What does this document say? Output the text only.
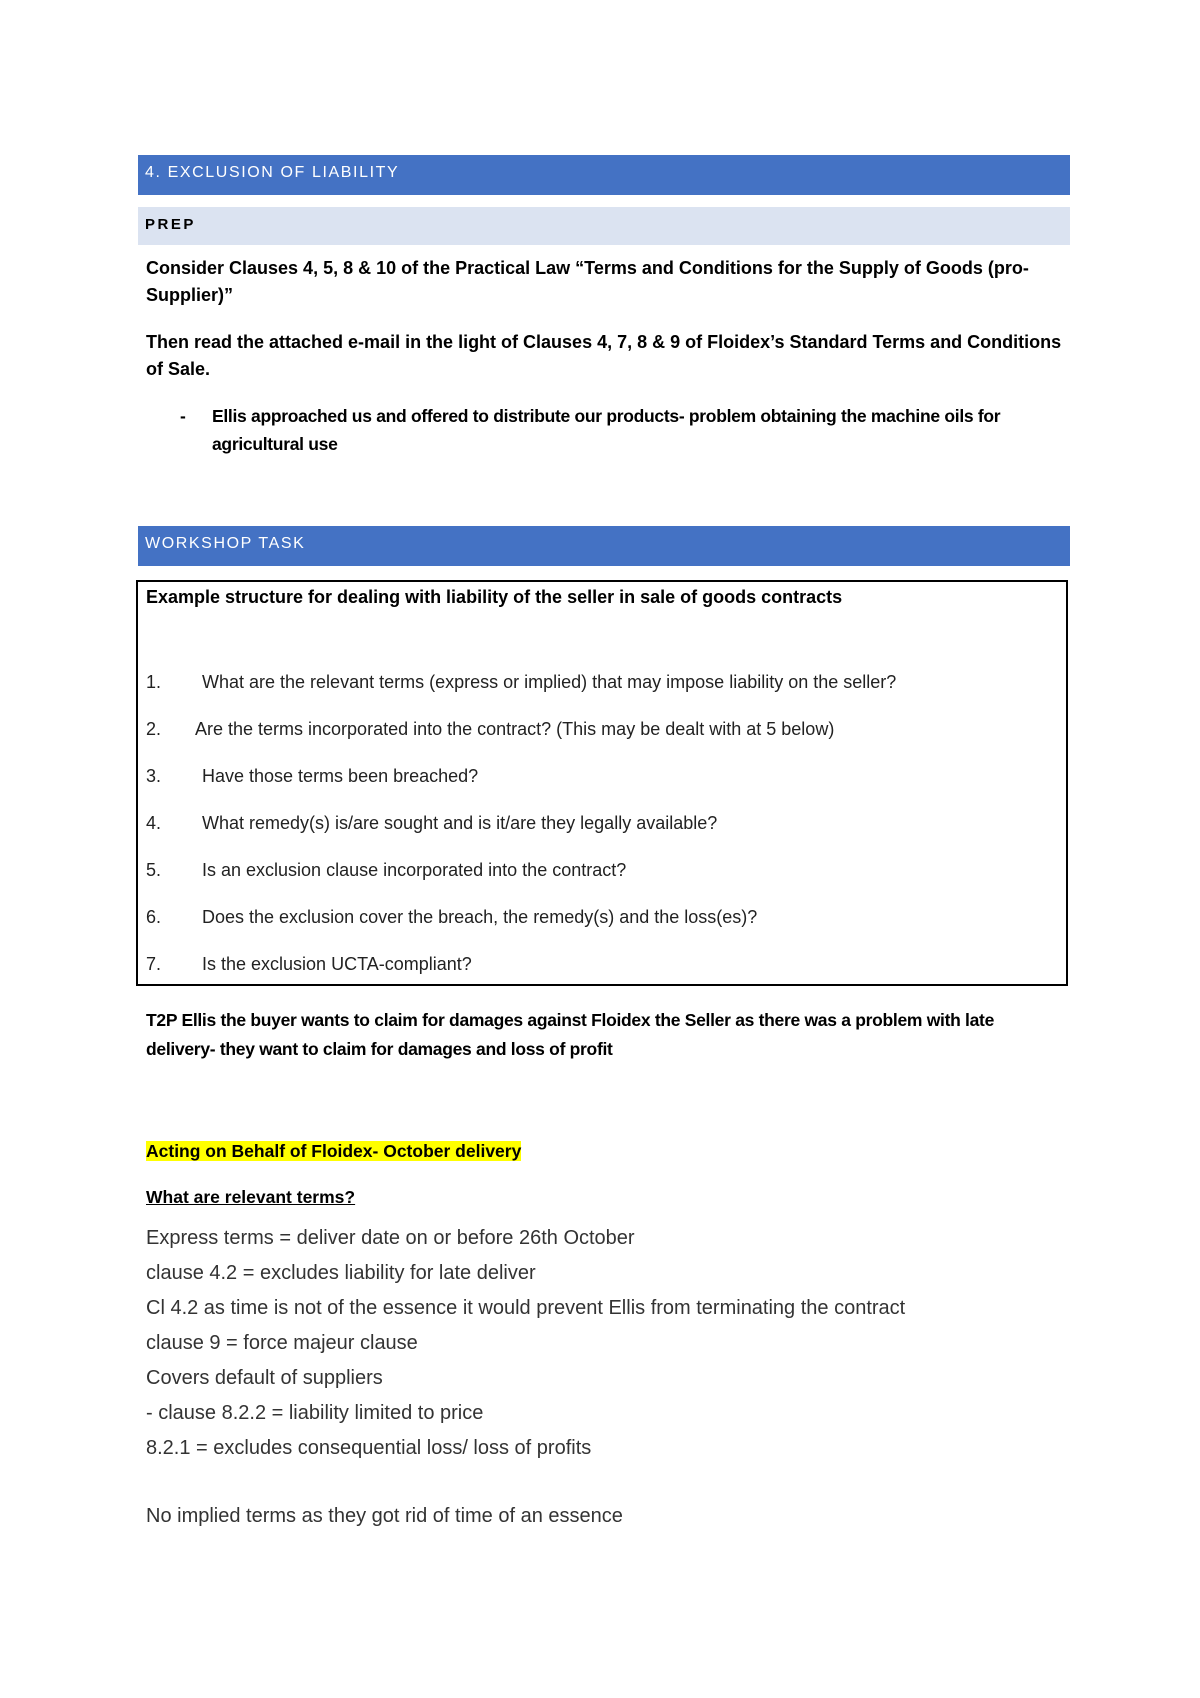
4. EXCLUSION OF LIABILITY
PREP

Consider Clauses 4, 5, 8 & 10 of the Practical Law “Terms and Conditions for the Supply of Goods (pro-Supplier)”

Then read the attached e-mail in the light of Clauses 4, 7, 8 & 9 of Floidex’s Standard Terms and Conditions of Sale.

-	Ellis approached us and offered to distribute our products- problem obtaining the machine oils for agricultural use
WORKSHOP TASK

Example structure for dealing with liability of the seller in sale of goods contracts

1.	What are the relevant terms (express or implied) that may impose liability on the seller?
2.	Are the terms incorporated into the contract? (This may be dealt with at 5 below)
3.	Have those terms been breached?
4.	What remedy(s) is/are sought and is it/are they legally available?
5.	Is an exclusion clause incorporated into the contract?
6.	Does the exclusion cover the breach, the remedy(s) and the loss(es)?
7.	Is the exclusion UCTA-compliant?

T2P Ellis the buyer wants to claim for damages against Floidex the Seller as there was a problem with late delivery- they want to claim for damages and loss of profit

Acting on Behalf of Floidex- October delivery

What are relevant terms?

Express terms = deliver date on or before 26th October
clause 4.2 = excludes liability for late deliver
Cl 4.2 as time is not of the essence it would prevent Ellis from terminating the contract
clause 9 = force majeur clause
Covers default of suppliers
- clause 8.2.2 = liability limited to price
8.2.1 = excludes consequential loss/ loss of profits
No implied terms as they got rid of time of an essence
